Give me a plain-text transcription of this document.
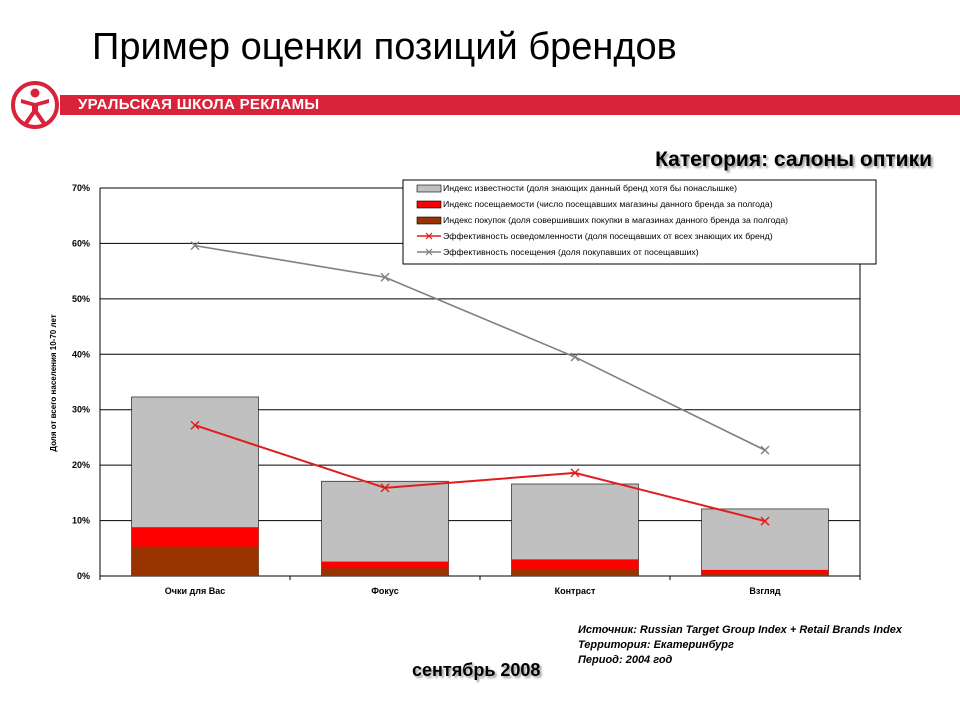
Пример оценки позиций брендов
УРАЛЬСКАЯ ШКОЛА РЕКЛАМЫ
Категория: салоны оптики
0%
10%
20%
30%
40%
50%
60%
70%
Доля от всего населения 10-70 лет
Очки для Вас	Фокус	Контраст	Взгляд
Индекс известности (доля знающих данный бренд хотя бы понаслышке)
Индекс посещаемости (число посещавших магазины данного бренда за полгода)
Индекс покупок (доля совершивших покупки в магазинах данного бренда за полгода)
Эффективность осведомленности (доля посещавших от всех знающих их бренд)
Эффективность посещения (доля покупавших от посещавших)
Источник: Russian Target Group Index + Retail Brands Index
Территория: Екатеринбург
Период: 2004 год
сентябрь 2008
